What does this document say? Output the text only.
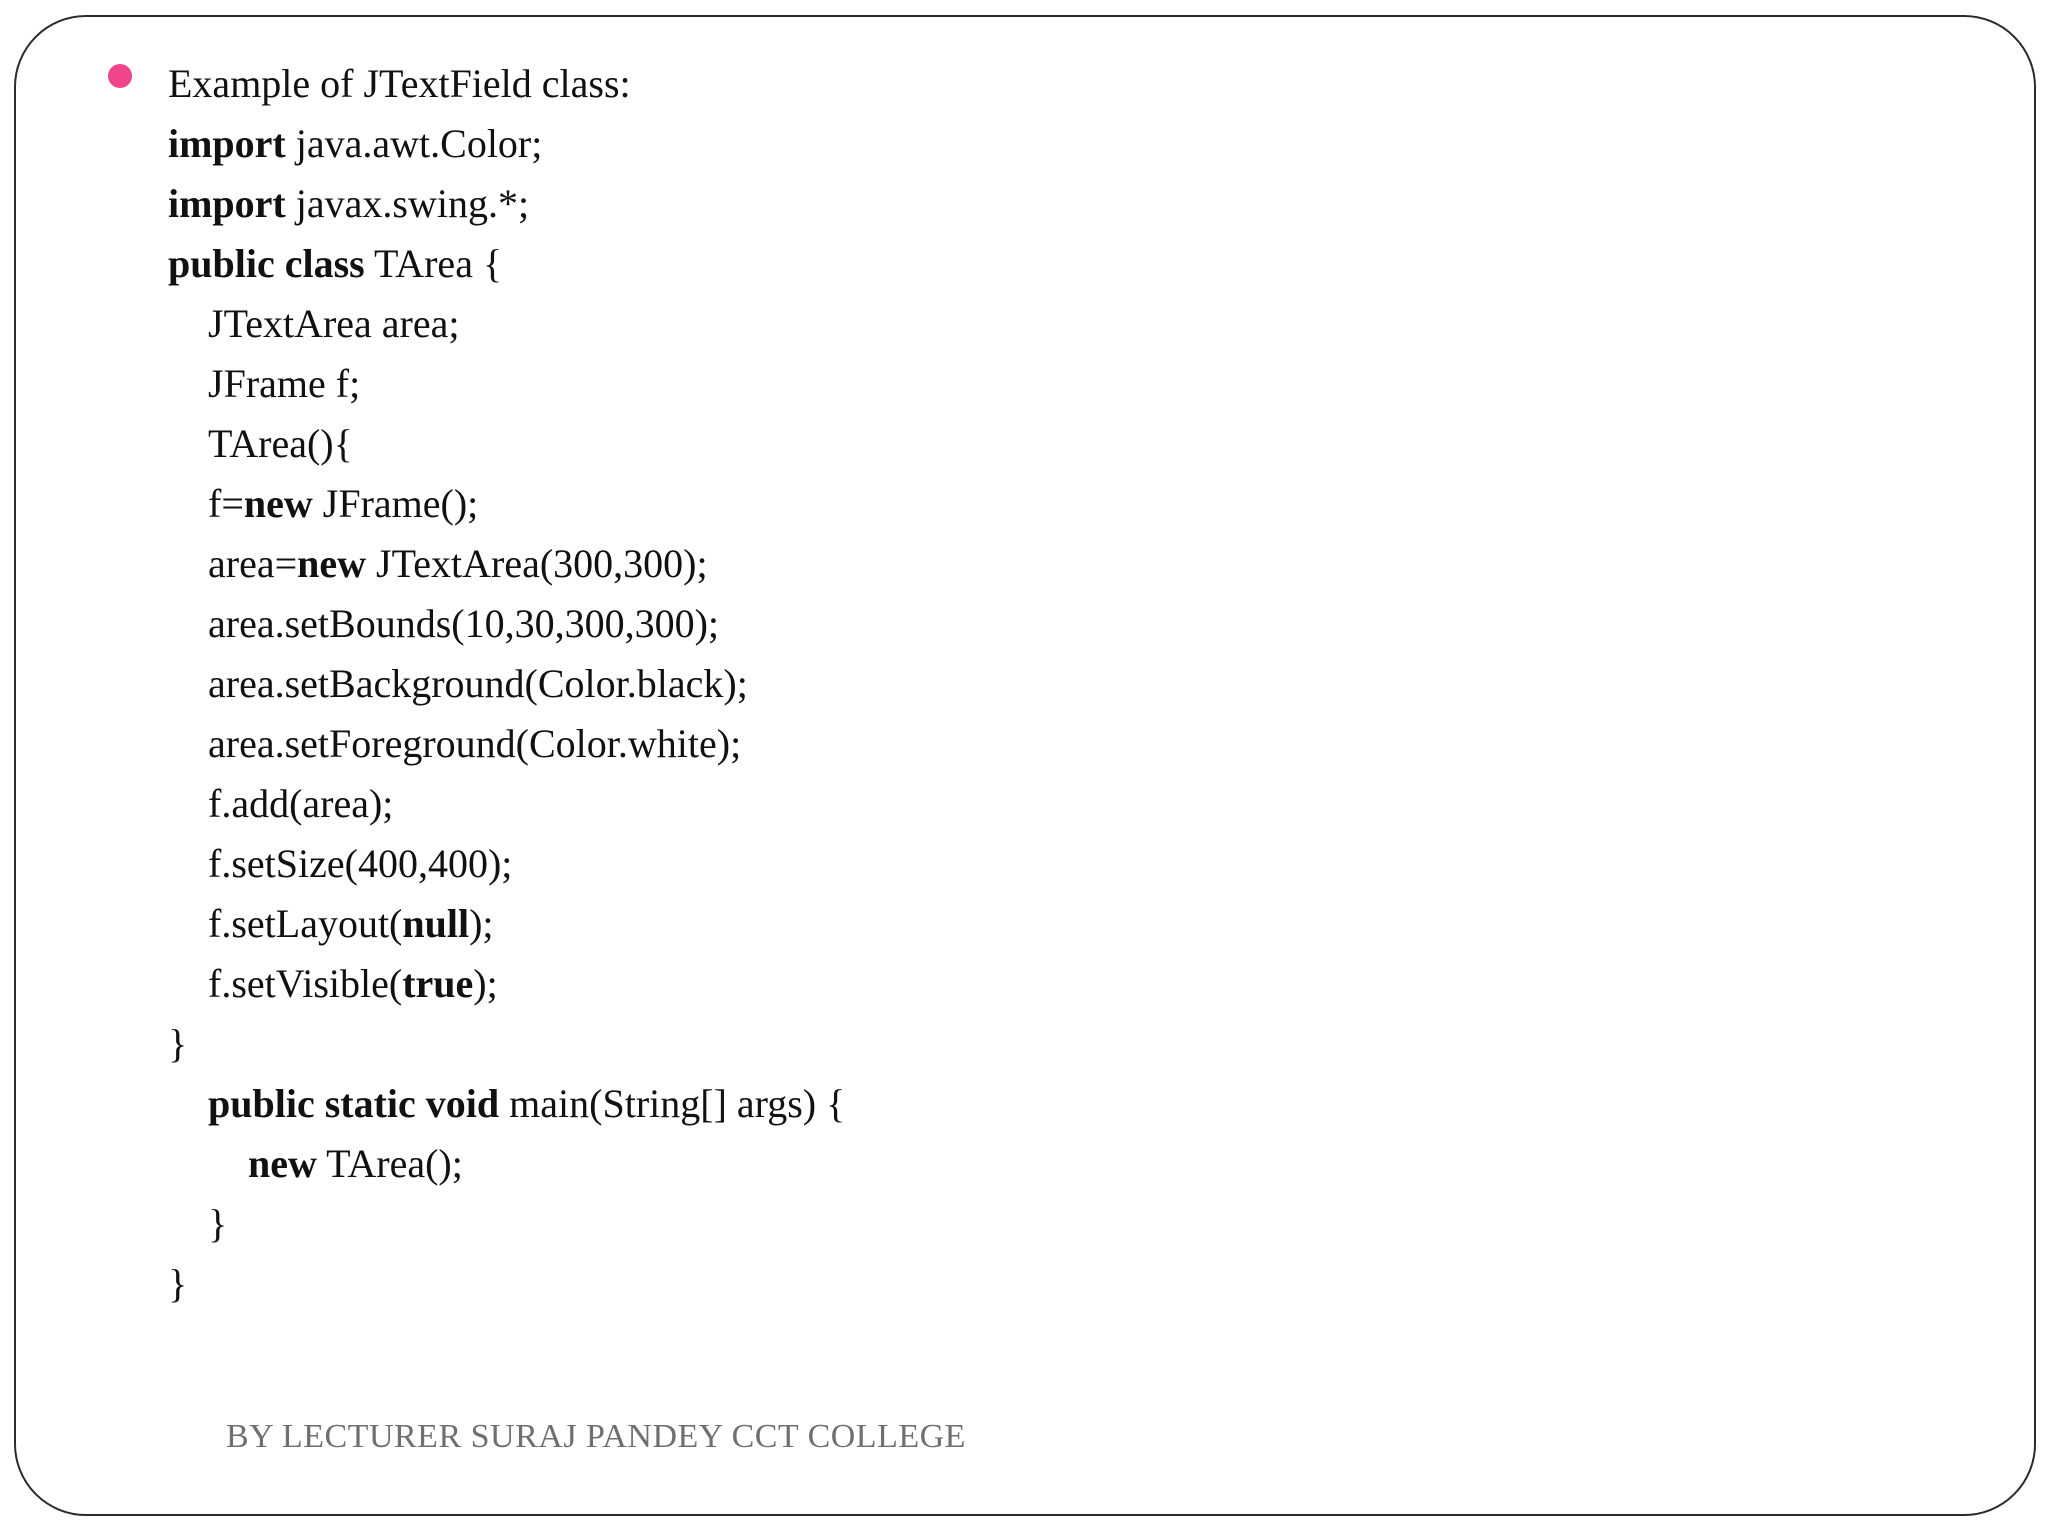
Example of JTextField class:
import java.awt.Color;
import javax.swing.*;
public class TArea {
JTextArea area;
JFrame f;
TArea(){
f=new JFrame();
area=new JTextArea(300,300);
area.setBounds(10,30,300,300);
area.setBackground(Color.black);
area.setForeground(Color.white);
f.add(area);
f.setSize(400,400);
f.setLayout(null);
f.setVisible(true);
}
public static void main(String[] args) {
new TArea();
}
}
BY LECTURER SURAJ PANDEY CCT COLLEGE
